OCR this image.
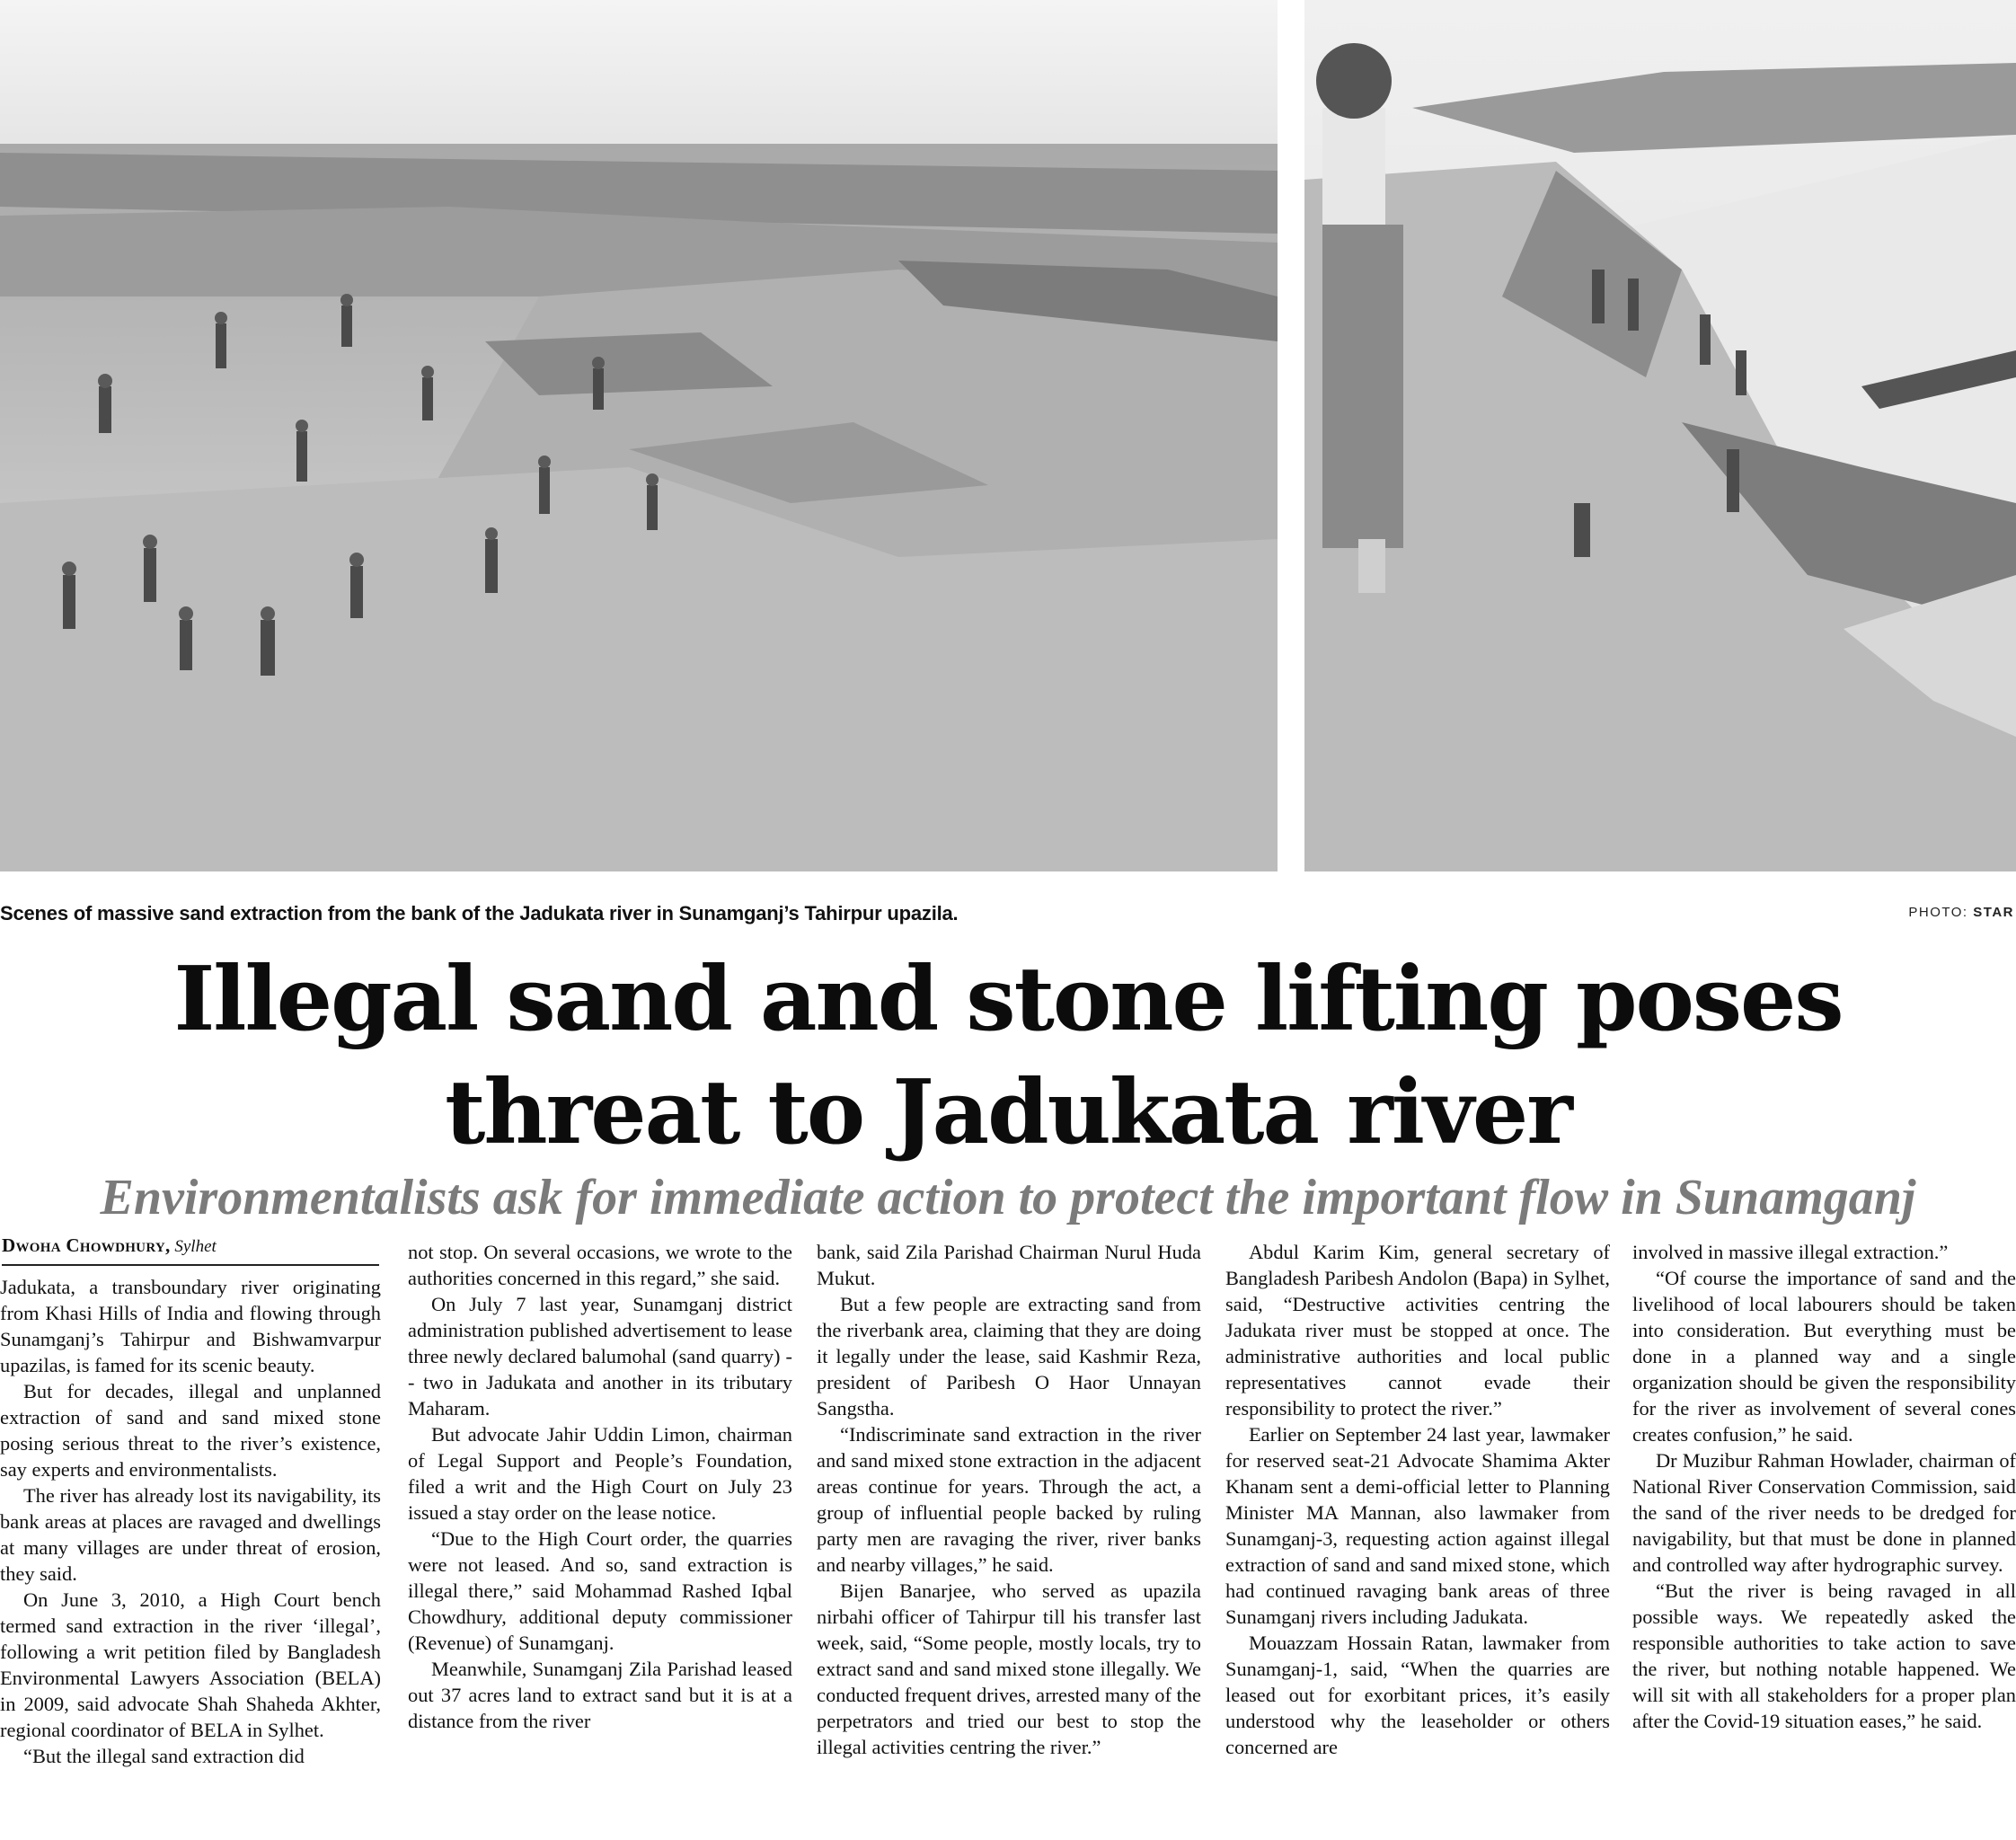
Scenes of massive sand extraction from the bank of the Jadukata river in Sunamganj’s Tahirpur upazila.	PHOTO: STAR
Illegal sand and stone lifting poses
threat to Jadukata river
Environmentalists ask for immediate action to protect the important flow in Sunamganj
Dwoha Chowdhury, Sylhet

Jadukata, a transboundary river originating from Khasi Hills of India and flowing through Sunamganj’s Tahirpur and Bishwamvarpur upazilas, is famed for its scenic beauty.

But for decades, illegal and unplanned extraction of sand and sand mixed stone posing serious threat to the river’s existence, say experts and environmentalists.

The river has already lost its navigability, its bank areas at places are ravaged and dwellings at many villages are under threat of erosion, they said.

On June 3, 2010, a High Court bench termed sand extraction in the river ‘illegal’, following a writ petition filed by Bangladesh Environmental Lawyers Association (BELA) in 2009, said advocate Shah Shaheda Akhter, regional coordinator of BELA in Sylhet.

“But the illegal sand extraction did

not stop. On several occasions, we wrote to the authorities concerned in this regard,” she said.

On July 7 last year, Sunamganj district administration published advertisement to lease three newly declared balumohal (sand quarry) -- two in Jadukata and another in its tributary Maharam.

But advocate Jahir Uddin Limon, chairman of Legal Support and People’s Foundation, filed a writ and the High Court on July 23 issued a stay order on the lease notice.

“Due to the High Court order, the quarries were not leased. And so, sand extraction is illegal there,” said Mohammad Rashed Iqbal Chowdhury, additional deputy commissioner (Revenue) of Sunamganj.

Meanwhile, Sunamganj Zila Parishad leased out 37 acres land to extract sand but it is at a distance from the river

bank, said Zila Parishad Chairman Nurul Huda Mukut.

But a few people are extracting sand from the riverbank area, claiming that they are doing it legally under the lease, said Kashmir Reza, president of Paribesh O Haor Unnayan Sangstha.

“Indiscriminate sand extraction in the river and sand mixed stone extraction in the adjacent areas continue for years. Through the act, a group of influential people backed by ruling party men are ravaging the river, river banks and nearby villages,” he said.

Bijen Banarjee, who served as upazila nirbahi officer of Tahirpur till his transfer last week, said, “Some people, mostly locals, try to extract sand and sand mixed stone illegally. We conducted frequent drives, arrested many of the perpetrators and tried our best to stop the illegal activities centring the river.”

Abdul Karim Kim, general secretary of Bangladesh Paribesh Andolon (Bapa) in Sylhet, said, “Destructive activities centring the Jadukata river must be stopped at once. The administrative authorities and local public representatives cannot evade their responsibility to protect the river.”

Earlier on September 24 last year, lawmaker for reserved seat-21 Advocate Shamima Akter Khanam sent a demi-official letter to Planning Minister MA Mannan, also lawmaker from Sunamganj-3, requesting action against illegal extraction of sand and sand mixed stone, which had continued ravaging bank areas of three Sunamganj rivers including Jadukata.

Mouazzam Hossain Ratan, lawmaker from Sunamganj-1, said, “When the quarries are leased out for exorbitant prices, it’s easily understood why the leaseholder or others concerned are

involved in massive illegal extraction.”

“Of course the importance of sand and the livelihood of local labourers should be taken into consideration. But everything must be done in a planned way and a single organization should be given the responsibility for the river as involvement of several cones creates confusion,” he said.

Dr Muzibur Rahman Howlader, chairman of National River Conservation Commission, said the sand of the river needs to be dredged for navigability, but that must be done in planned and controlled way after hydrographic survey.

“But the river is being ravaged in all possible ways. We repeatedly asked the responsible authorities to take action to save the river, but nothing notable happened. We will sit with all stakeholders for a proper plan after the Covid-19 situation eases,” he said.
